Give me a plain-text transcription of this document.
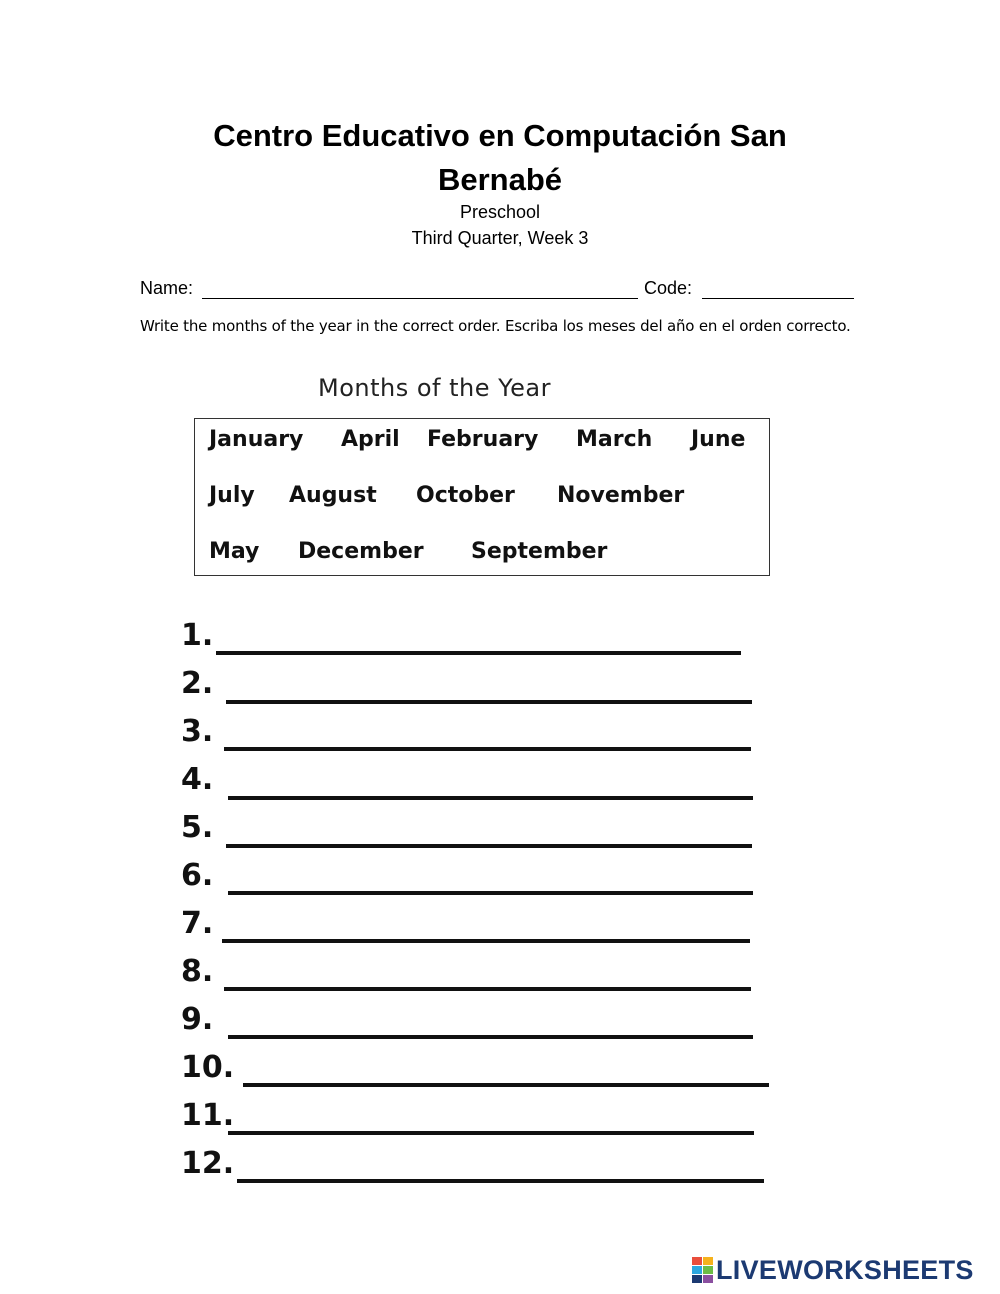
Centro Educativo en Computación San Bernabé
Preschool
Third Quarter, Week 3
Name:	Code:
Write the months of the year in the correct order. Escriba los meses del año en el orden correcto.
Months of the Year
January April February March June
July August October November
May December September
1.
2.
3.
4.
5.
6.
7.
8.
9.
10.
11.
12.
LIVEWORKSHEETS
